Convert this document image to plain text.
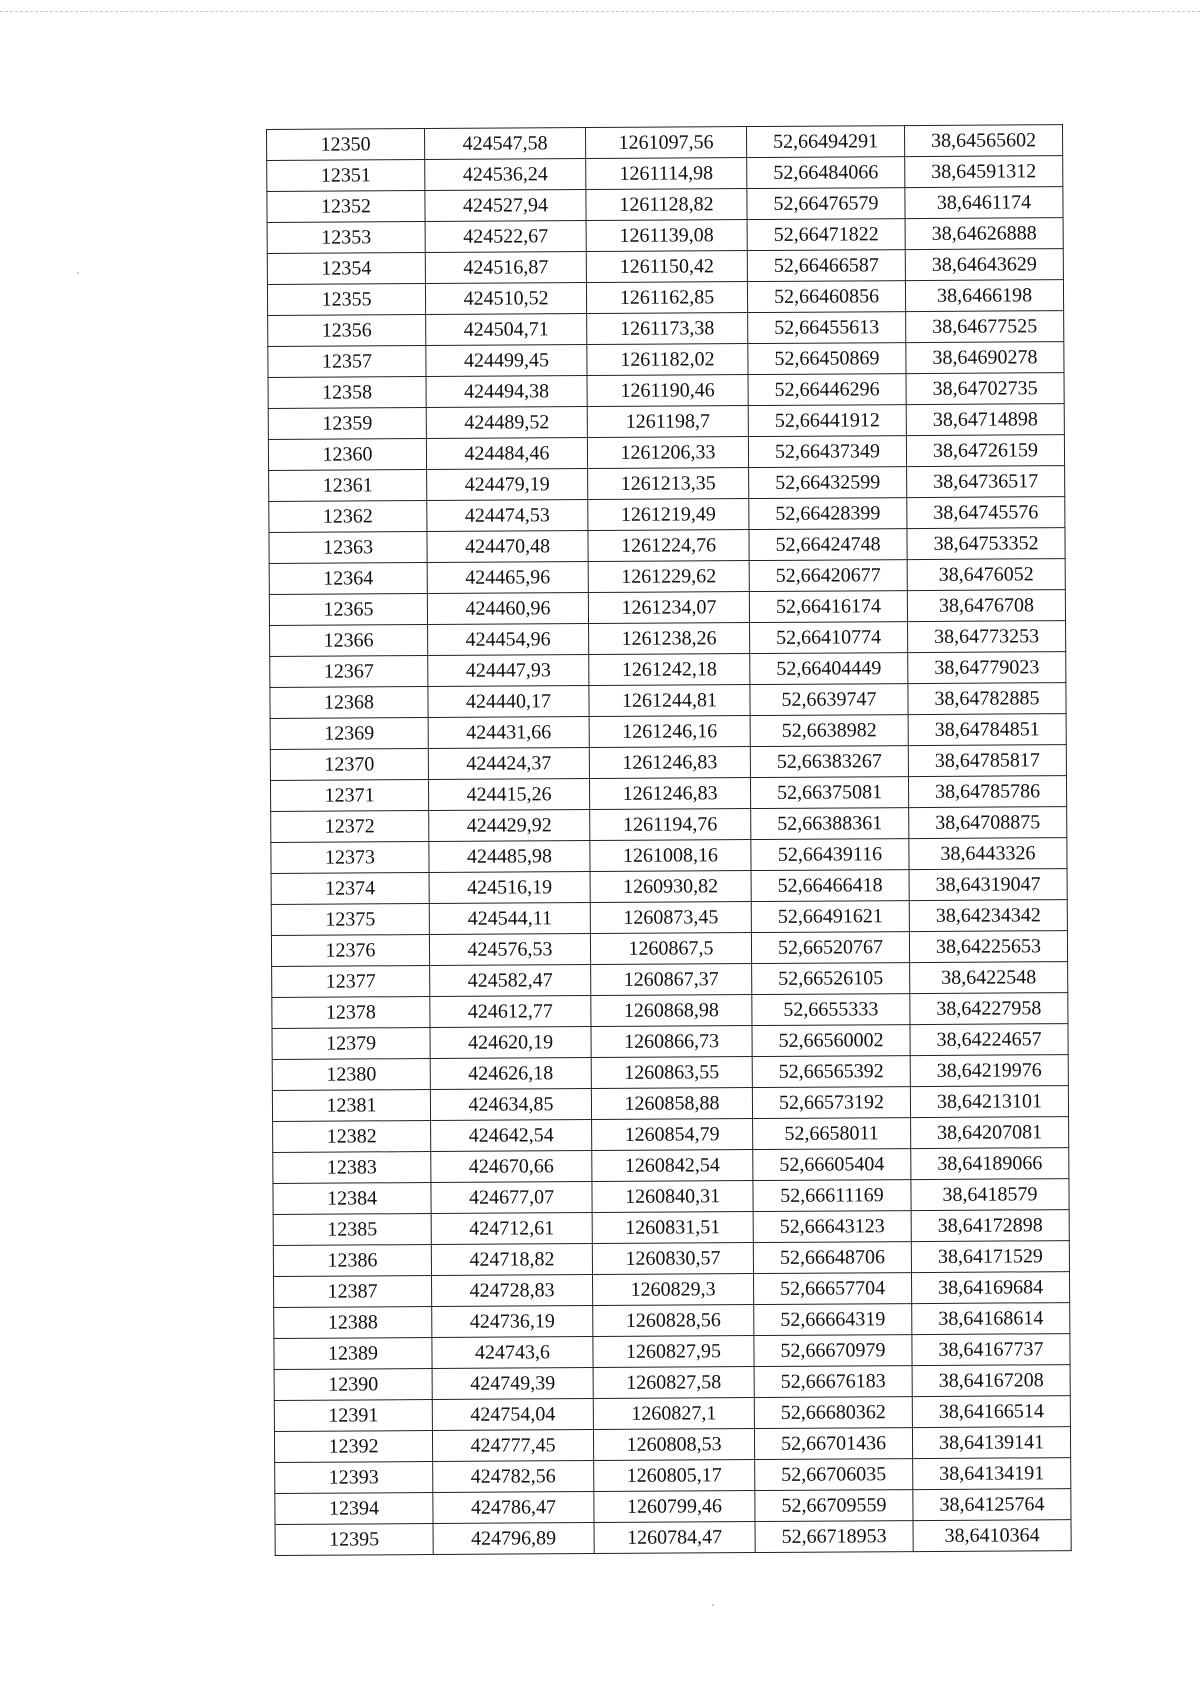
12350	424547,58	1261097,56	52,66494291	38,64565602
12351	424536,24	1261114,98	52,66484066	38,64591312
12352	424527,94	1261128,82	52,66476579	38,6461174
12353	424522,67	1261139,08	52,66471822	38,64626888
12354	424516,87	1261150,42	52,66466587	38,64643629
12355	424510,52	1261162,85	52,66460856	38,6466198
12356	424504,71	1261173,38	52,66455613	38,64677525
12357	424499,45	1261182,02	52,66450869	38,64690278
12358	424494,38	1261190,46	52,66446296	38,64702735
12359	424489,52	1261198,7	52,66441912	38,64714898
12360	424484,46	1261206,33	52,66437349	38,64726159
12361	424479,19	1261213,35	52,66432599	38,64736517
12362	424474,53	1261219,49	52,66428399	38,64745576
12363	424470,48	1261224,76	52,66424748	38,64753352
12364	424465,96	1261229,62	52,66420677	38,6476052
12365	424460,96	1261234,07	52,66416174	38,6476708
12366	424454,96	1261238,26	52,66410774	38,64773253
12367	424447,93	1261242,18	52,66404449	38,64779023
12368	424440,17	1261244,81	52,6639747	38,64782885
12369	424431,66	1261246,16	52,6638982	38,64784851
12370	424424,37	1261246,83	52,66383267	38,64785817
12371	424415,26	1261246,83	52,66375081	38,64785786
12372	424429,92	1261194,76	52,66388361	38,64708875
12373	424485,98	1261008,16	52,66439116	38,6443326
12374	424516,19	1260930,82	52,66466418	38,64319047
12375	424544,11	1260873,45	52,66491621	38,64234342
12376	424576,53	1260867,5	52,66520767	38,64225653
12377	424582,47	1260867,37	52,66526105	38,6422548
12378	424612,77	1260868,98	52,6655333	38,64227958
12379	424620,19	1260866,73	52,66560002	38,64224657
12380	424626,18	1260863,55	52,66565392	38,64219976
12381	424634,85	1260858,88	52,66573192	38,64213101
12382	424642,54	1260854,79	52,6658011	38,64207081
12383	424670,66	1260842,54	52,66605404	38,64189066
12384	424677,07	1260840,31	52,66611169	38,6418579
12385	424712,61	1260831,51	52,66643123	38,64172898
12386	424718,82	1260830,57	52,66648706	38,64171529
12387	424728,83	1260829,3	52,66657704	38,64169684
12388	424736,19	1260828,56	52,66664319	38,64168614
12389	424743,6	1260827,95	52,66670979	38,64167737
12390	424749,39	1260827,58	52,66676183	38,64167208
12391	424754,04	1260827,1	52,66680362	38,64166514
12392	424777,45	1260808,53	52,66701436	38,64139141
12393	424782,56	1260805,17	52,66706035	38,64134191
12394	424786,47	1260799,46	52,66709559	38,64125764
12395	424796,89	1260784,47	52,66718953	38,6410364
